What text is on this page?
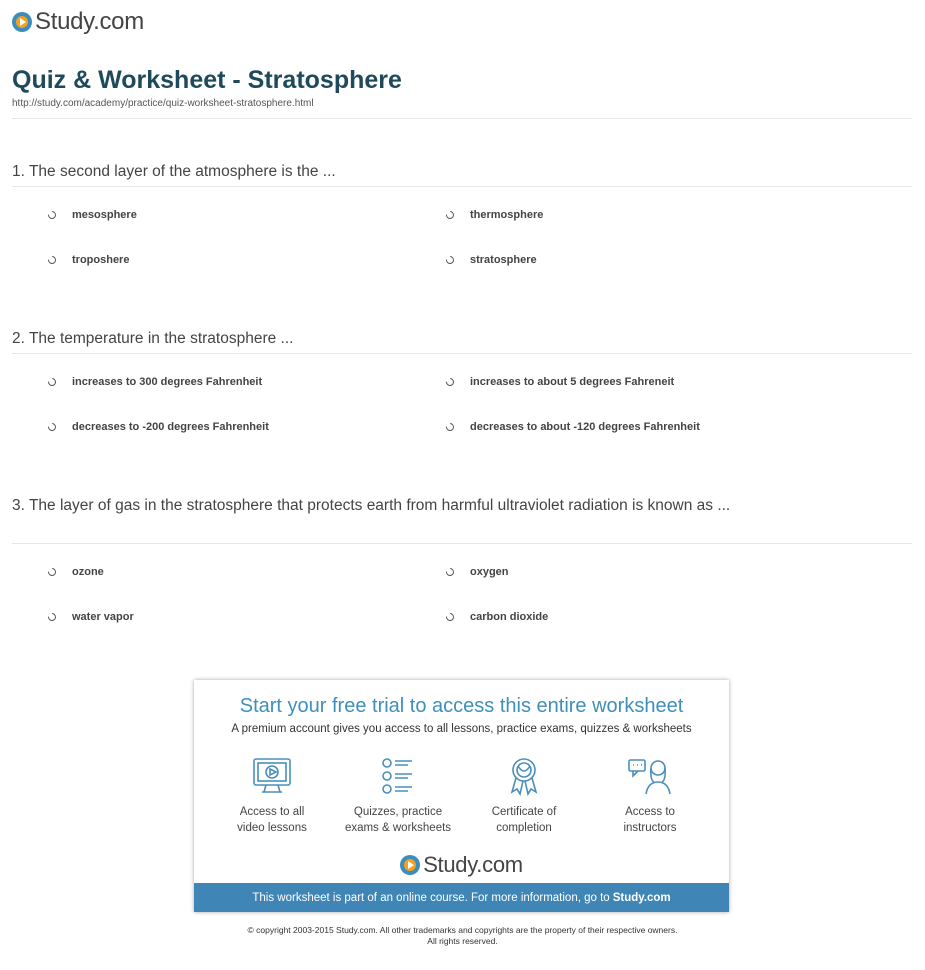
Study.com
Quiz & Worksheet - Stratosphere
http://study.com/academy/practice/quiz-worksheet-stratosphere.html
1. The second layer of the atmosphere is the ...
mesosphere	thermosphere
troposhere	stratosphere
2. The temperature in the stratosphere ...
increases to 300 degrees Fahrenheit	increases to about 5 degrees Fahreneit
decreases to -200 degrees Fahrenheit	decreases to about -120 degrees Fahrenheit
3. The layer of gas in the stratosphere that protects earth from harmful ultraviolet radiation is known as ...
ozone	oxygen
water vapor	carbon dioxide
Start your free trial to access this entire worksheet
A premium account gives you access to all lessons, practice exams, quizzes & worksheets
Access to all
video lessons
Quizzes, practice
exams & worksheets
Certificate of
completion
Access to
instructors
Study.com
This worksheet is part of an online course. For more information, go to Study.com
© copyright 2003-2015 Study.com. All other trademarks and copyrights are the property of their respective owners.
All rights reserved.
